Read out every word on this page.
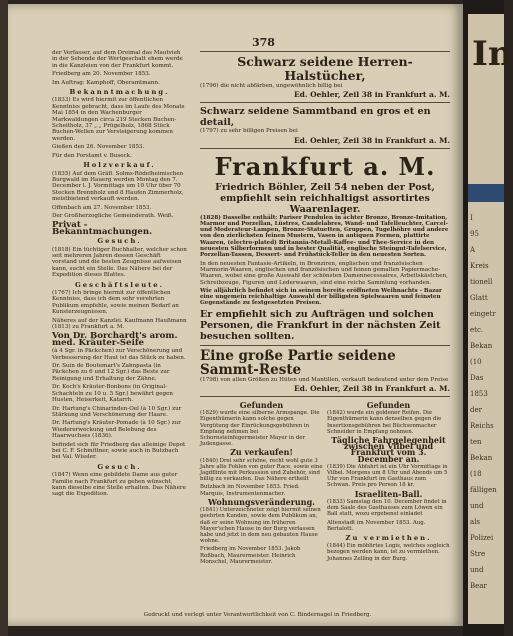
378

der Verfasser, auf dem Dreimal das Mautvieh in der Sehende der Wertgeschatt ehem werde in die Kanzleien von der Frankfurt kommt.

Friedberg am 20. November 1853.

Im Auftrag: Kamphoff, Oberamtmann.

Bekanntmachung.

(1833) Es wird hiermit zur öffentlichen Kenntniss gebracht, dass im Laufe des Monats Mai 1854 in den Wachenburger Markwaldungen circa 219 Stecken Buchen-Scheitholz, 37 „ „ Prügelholz, 1868 Stück Buchen-Wellen zur Versteigerung kommen werden.

Gießen den 26. November 1853.

Für den Forstamt v. Buseck.

Holzverkauf.

(1835) Auf dem Gräfl. Solms-Rödelheimischen Burgwald im Hauerg werden Montag den 7. December l. J. Vormittags um 10 Uhr über 70 Stecken Brennholz und 8 Haufen Zimmerholz, meistbietend verkauft werden.

Offenbach am 27. November 1853.

Der Großherzogliche Gemeinderath. Weiß.

Privat - Bekanntmachungen.
Gesuch.

(1818) Ein tüchtiger Buchhalter, welcher schon seit mehreren Jahren dessen Geschäft vorstand und die besten Zeugnisse aufweisen kann, sucht ein Stelle. Das Nähere bei der Expedition dieses Blattes.

Geschäftsleute.

(1767) Ich bringe hiermit zur öffentlichen Kenntniss, dass ich dem sehr verehrten Publikum empfehle, sowie meinen Bedarf an Kunsterzeugnissen.

Näheres auf der Kanzlei. Kaufmann Haußmann (1813) zu Frankfurt a. M.

Von Dr. Borchardt's arom. med. Kräuter-Seife

(à 4 Sgr. in Päckchen) zur Verschönerung und Verbesserung der Haut ist das Stück zu haben.

Dr. Suin de Boutemart's Zahnpasta (in Päckchen zu 6 und 12 Sgr.) das Beste zur Reinigung und Erhaltung der Zähne.

Dr. Koch's Kräuter-Bonbons (in Original-Schachteln zu 10 u. 5 Sgr.) bewährt gegen Husten, Heiserkeit, Katarrh.

Dr. Hartung's Chinarinden-Oel (à 10 Sgr.) zur Stärkung und Verschönerung der Haare.

Dr. Hartung's Kräuter-Pomade (à 10 Sgr.) zur Wiedererweckung und Belebung des Haarwuchses (1836).

befindet sich für Friedberg das alleinige Depot bei C. F. Schmittner, sowie auch in Butzbach bei Val. Wissler.

Gesuch.

(1847) Wenn eine gebildete Dame aus guter Familie nach Frankfurt zu gehen wünscht, kann dieselbe eine Stelle erhalten. Das Nähere sagt die Expedition.

Schwarz seidene Herren-Halstücher,
(1796) die nicht abfärben, ungewöhnlich billig bei
Ed. Oehler, Zeil 38 in Frankfurt a. M.
Schwarz seidene Sammtband en gros et en detail,
(1797) zu sehr billigen Preisen bei
Ed. Oehler, Zeil 38 in Frankfurt a. M.
Frankfurt a. M.
Friedrich Böhler, Zeil 54 neben der Post, empfiehlt sein reichhaltigst assortirtes Waarenlager.
(1828) Dasselbe enthält: Pariser Pendulen in ächter Bronze, Bronze-Imitation, Marmor und Porzellan, Lüstres, Candelabres, Wand- und Tafelleuchter, Carcel- und Moderateur-Lampen, Bronze-Statuetten, Gruppen, Tugelhöhre und andere von den zierlichsten feinen Mustern, Vasen in antiquen Formen, plattirte Waaren, (electro-plated) Britannia-Metall-Kaffee- und Thee-Service in den neuesten Silberformen und in bester Qualität, englische Steingut-Tafelservice, Porzellan-Tassen, Dessert- und Frühstück-Teller in den neuesten Sorten.
In den neuesten Fantasie-Artikeln, in Bronziren, englischen und französischen Marmorin-Waaren, englischen und französischen und feinen gemalten Papiermache-Waaren, wobei eine große Auswahl der schönsten Damennecessaires, Arbeitskästchen, Schreibzeuge, Figuren und Lederwaaren, sind eine reiche Sammlung vorhanden.
Wie alljährlich befindet sich in seinem bereits eröffneten Weihnachts - Bazar eine ungemein reichhaltige Auswahl der billigsten Spielwaaren und feinsten Gegenstände zu festgesetzten Preisen.
Er empfiehlt sich zu Aufträgen und solchen Personen, die Frankfurt in der nächsten Zeit besuchen sollten.
Eine große Partie seidene Sammt-Reste
(1798) von allen Größen zu Hüten und Mantillen, verkauft bedeutend unter dem Preise
Ed. Oehler, Zeil 38 in Frankfurt a. M.
Gefunden

(1829) wurde eine silberne Armspange. Die Eigenthümerin kann solche gegen Vergütung der Einrückungsgebühren in Empfang nehmen bei Schornsteinfegermeister Mayer in der Judengasse.

Zu verkaufen!

(1840) Drei sehr schöne, recht wohl gute 3 Jahre alte Fohlen von guter Race, sowie eine Jagdflinte mit Perkussion und Zubehör, sind billig zu verkaufen. Das Nähere ertheilt

Butzbach im November 1853. Fried. Marquis, Instrumentenmacher.

Wohnungsveränderung.

(1841) Unterzeichneter zeigt hiermit seinen geehrten Kunden, sowie dem Publikum an, daß er seine Wohnung im früheren Mayer'schen Hause in der Burg verlassen habe und jetzt in dem neu gebauten Hause wohne.

Friedberg im November 1853. Jakob Roßbach, Maurermeister. Heinrich Monschel, Maurermeister.

Gefunden

(1842) wurde ein goldener Reifen. Die Eigenthümerin kann denselben gegen die Insertionsgebühren bei Büchsenmacher Schneider in Empfang nehmen.

Tägliche Fahrgelegenheit zwischen Vilbel und Frankfurt vom 3. December an.

(1839) Die Abfahrt ist ein Uhr Vormittags in Vilbel. Morgens um 8 Uhr und Abends um 5 Uhr von Frankfurt im Gasthaus zum Schwan. Preis pro Person 18 kr.

Israeliten-Ball.

(1833) Samstag den 10. December findet in dem Saale des Gasthauses zum Löwen ein Ball statt, wozu ergebenst einladet

Altenstadt im November 1853. Aug. Bertalott.

Zu vermiethen.

(1844) Ein möblirtes Logis, welches sogleich bezogen werden kann, ist zu vermiethen. Johannes Zelling in der Burg.

Gedruckt und verlegt unter Verantwortlichkeit von C. Bindernagel in Friedberg.
In
I
95
A
Kreis
tionell
Glatt
eingetr
etc.
Bekan
(10
Das
1853
der
Reichs
ten
Bekan
(18
fälligen
und
als
Polizei
Stre
und
Bear
